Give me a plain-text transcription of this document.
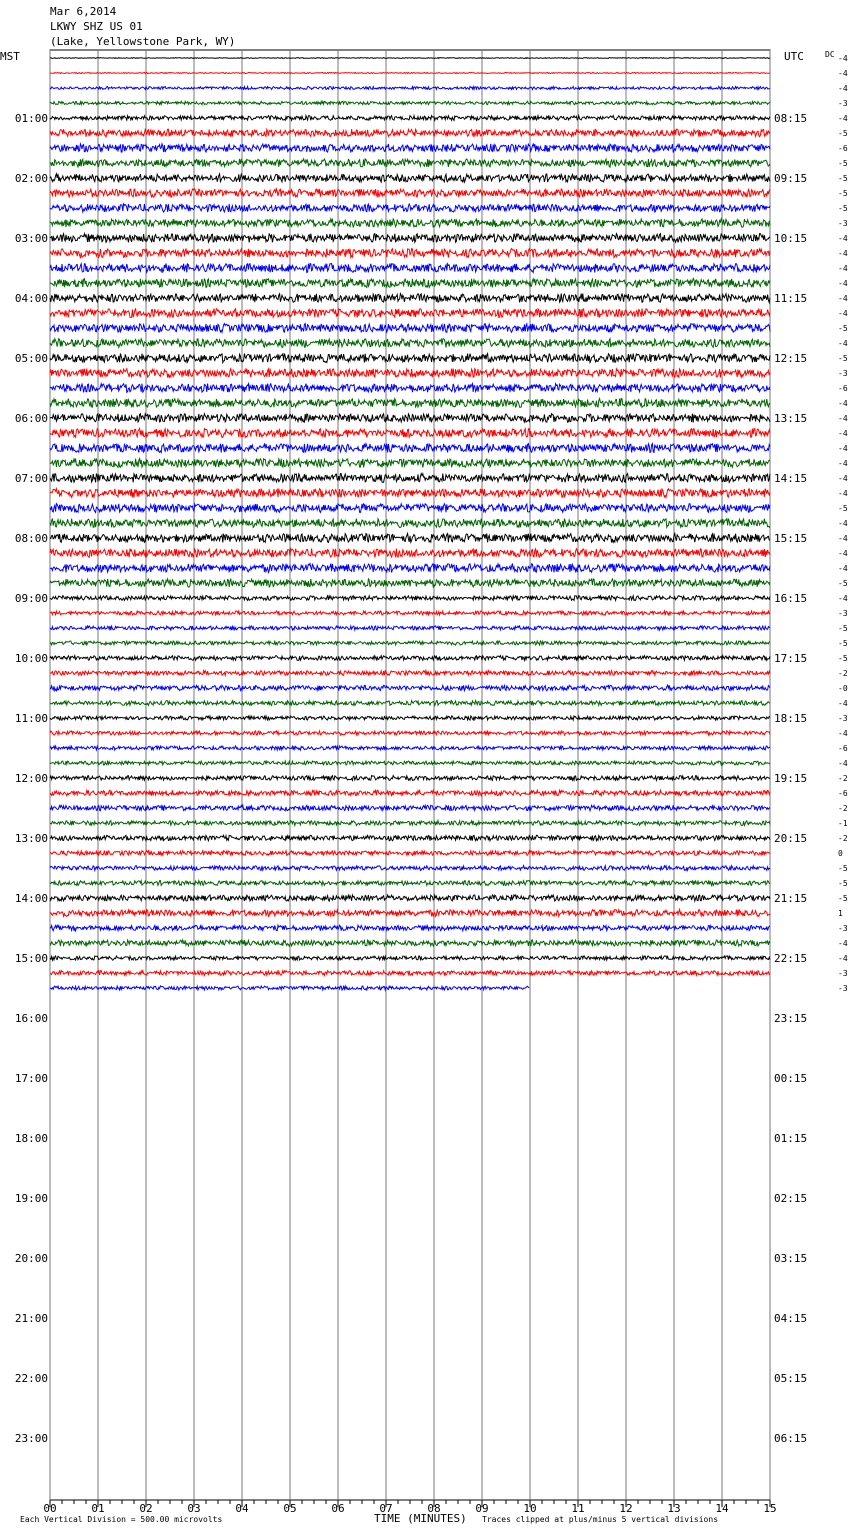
Mar 6,2014
LKWY SHZ US 01
(Lake, Yellowstone Park, WY)
MST	UTC	DC
TIME (MINUTES)
Each Vertical Division = 500.00 microvolts	Traces clipped at plus/minus 5 vertical divisions
00	01	02	03	04	05	06	07	08	09	10	11	12	13	14	15
01:00
02:00
03:00
04:00
05:00
06:00
07:00
08:00
09:00
10:00
11:00
12:00
13:00
14:00
15:00
16:00
17:00
18:00
19:00
20:00
21:00
22:00
23:00
08:15
09:15
10:15
11:15
12:15
13:15
14:15
15:15
16:15
17:15
18:15
19:15
20:15
21:15
22:15
23:15
00:15
01:15
02:15
03:15
04:15
05:15
06:15
-4
-4
-4
-3
-4
-5
-6
-5
-5
-5
-5
-3
-4
-4
-4
-4
-4
-4
-5
-4
-5
-3
-6
-4
-4
-4
-4
-4
-4
-4
-5
-4
-4
-4
-4
-5
-4
-3
-5
-5
-5
-2
-0
-4
-3
-4
-6
-4
-2
-6
-2
-1
-2
0
-5
-5
-5
1
-3
-4
-4
-3
-3
